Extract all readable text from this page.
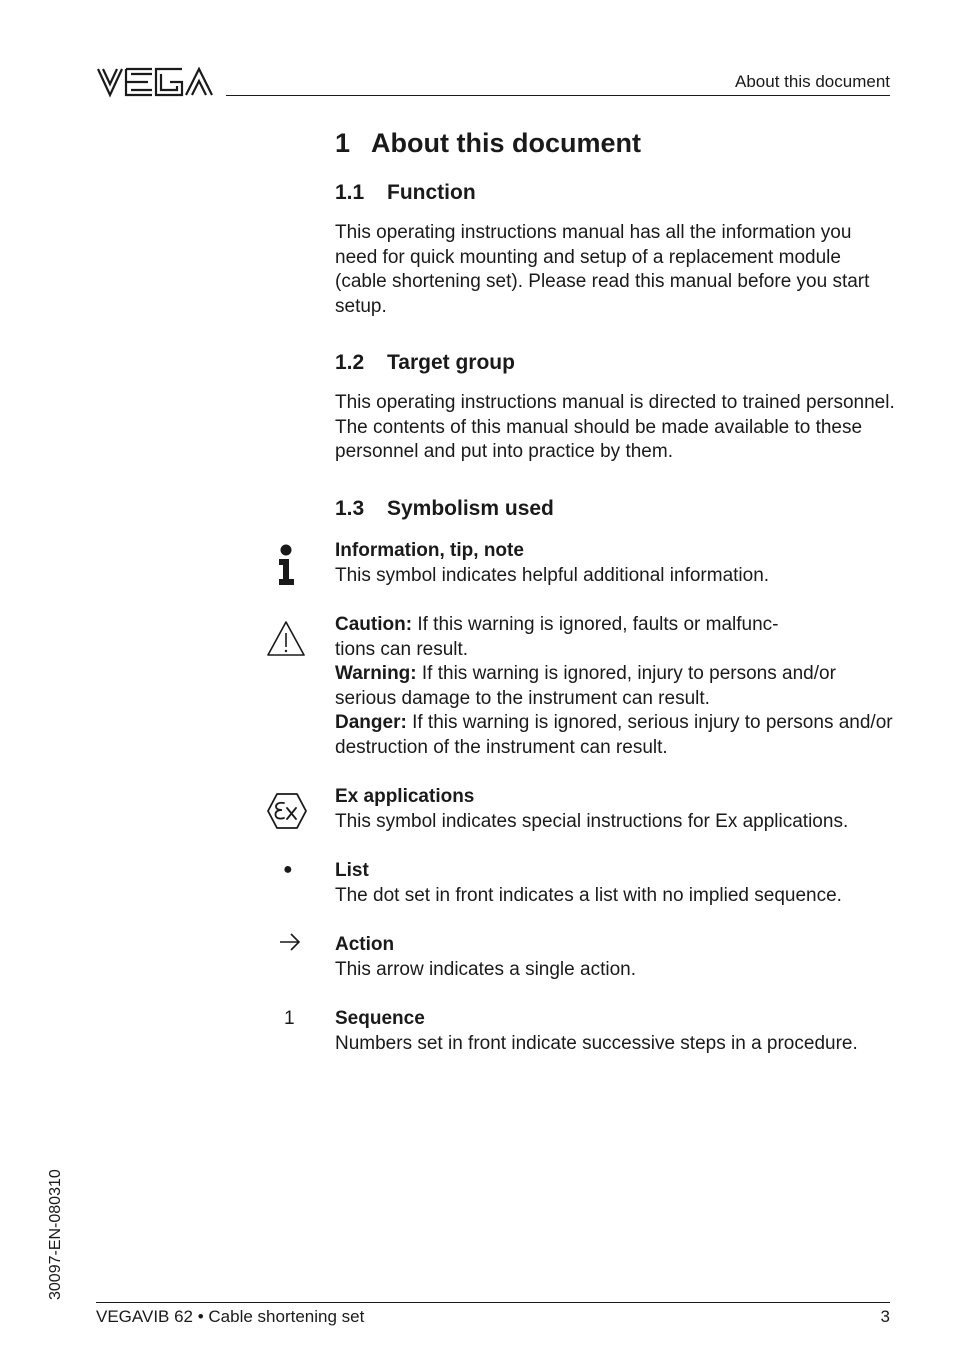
About this document
1 About this document
1.1 Function
This operating instructions manual has all the information you need for quick mounting and setup of a replacement module (cable shortening set). Please read this manual before you start setup.
1.2 Target group
This operating instructions manual is directed to trained personnel. The contents of this manual should be made available to these personnel and put into practice by them.
1.3 Symbolism used
Information, tip, note
This symbol indicates helpful additional information.
Caution: If this warning is ignored, faults or malfunc-
tions can result.
Warning: If this warning is ignored, injury to persons and/or serious damage to the instrument can result.
Danger: If this warning is ignored, serious injury to persons and/or destruction of the instrument can result.
Ex applications
This symbol indicates special instructions for Ex applications.
● List
The dot set in front indicates a list with no implied sequence.
Action
This arrow indicates a single action.
1 Sequence
Numbers set in front indicate successive steps in a procedure.
30097-EN-080310
VEGAVIB 62 • Cable shortening set	3
